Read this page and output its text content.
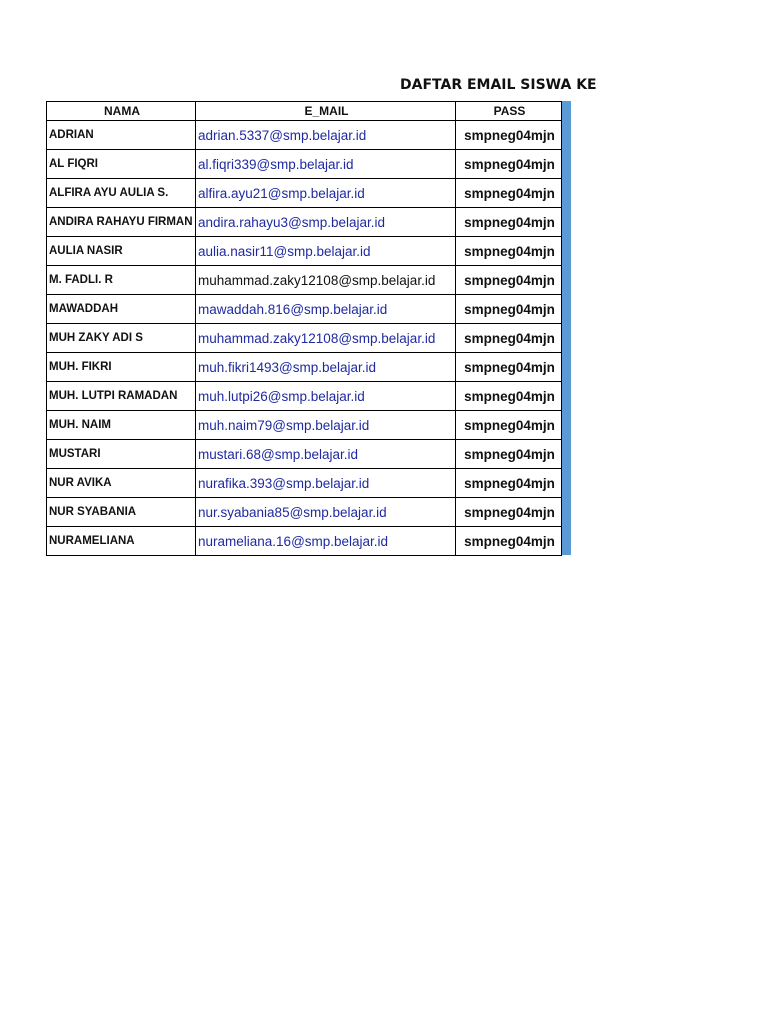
DAFTAR EMAIL SISWA KE
NAMA	E_MAIL	PASS
ADRIAN	adrian.5337@smp.belajar.id	smpneg04mjn
AL FIQRI	al.fiqri339@smp.belajar.id	smpneg04mjn
ALFIRA AYU AULIA S.	alfira.ayu21@smp.belajar.id	smpneg04mjn
ANDIRA RAHAYU FIRMAN	andira.rahayu3@smp.belajar.id	smpneg04mjn
AULIA NASIR	aulia.nasir11@smp.belajar.id	smpneg04mjn
M. FADLI. R	muhammad.zaky12108@smp.belajar.id	smpneg04mjn
MAWADDAH	mawaddah.816@smp.belajar.id	smpneg04mjn
MUH ZAKY ADI S	muhammad.zaky12108@smp.belajar.id	smpneg04mjn
MUH. FIKRI	muh.fikri1493@smp.belajar.id	smpneg04mjn
MUH. LUTPI RAMADAN	muh.lutpi26@smp.belajar.id	smpneg04mjn
MUH. NAIM	muh.naim79@smp.belajar.id	smpneg04mjn
MUSTARI	mustari.68@smp.belajar.id	smpneg04mjn
NUR AVIKA	nurafika.393@smp.belajar.id	smpneg04mjn
NUR SYABANIA	nur.syabania85@smp.belajar.id	smpneg04mjn
NURAMELIANA	nurameliana.16@smp.belajar.id	smpneg04mjn
